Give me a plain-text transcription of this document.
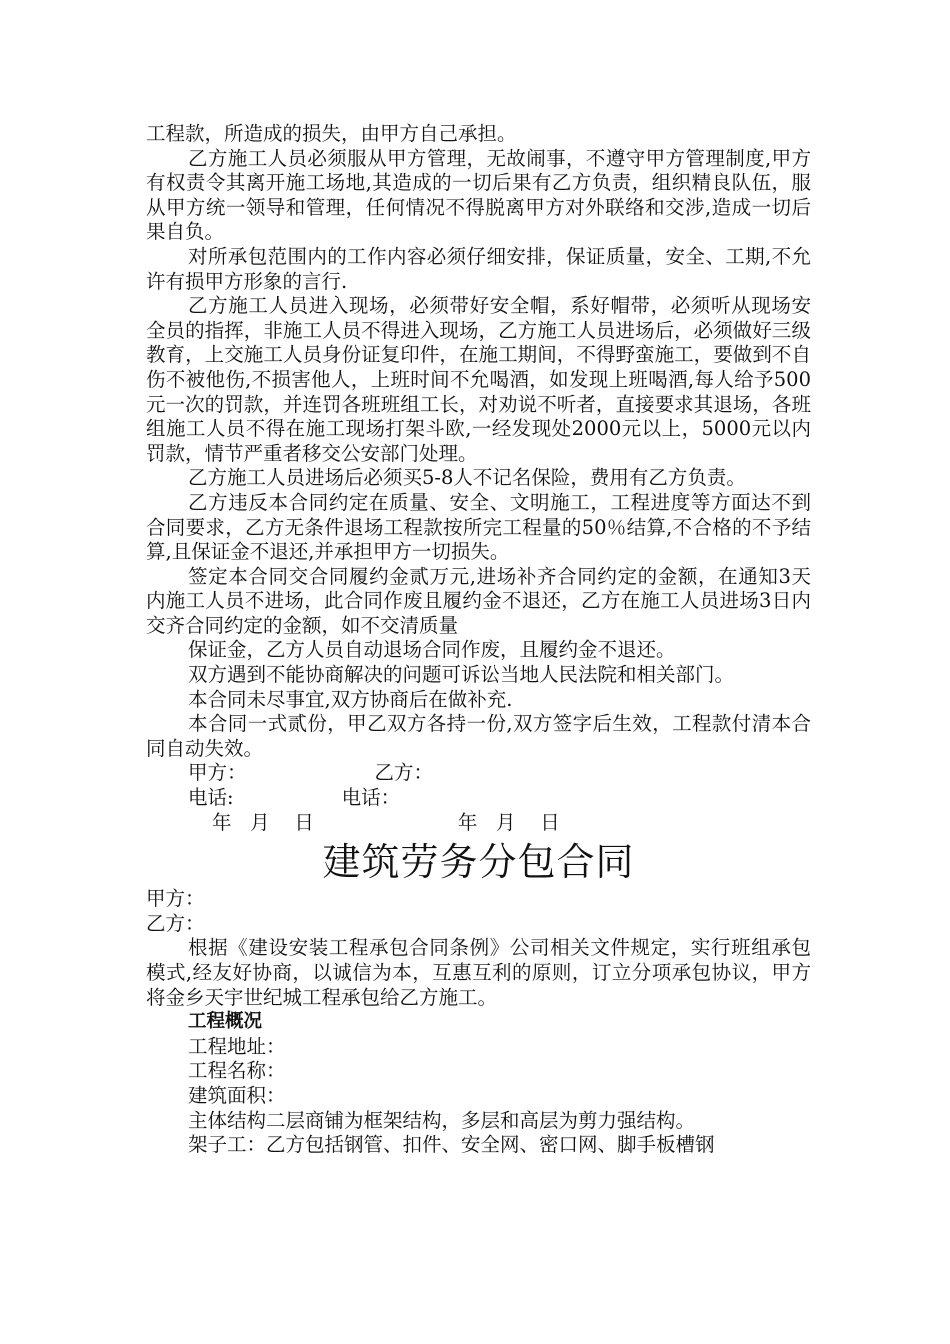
工程款，所造成的损失，由甲方自己承担。

乙方施工人员必须服从甲方管理，无故闹事，不遵守甲方管理制度,甲方有权责令其离开施工场地,其造成的一切后果有乙方负责，组织精良队伍，服从甲方统一领导和管理，任何情况不得脱离甲方对外联络和交涉,造成一切后果自负。

对所承包范围内的工作内容必须仔细安排，保证质量，安全、工期,不允许有损甲方形象的言行.

乙方施工人员进入现场，必须带好安全帽，系好帽带，必须听从现场安全员的指挥，非施工人员不得进入现场，乙方施工人员进场后，必须做好三级教育，上交施工人员身份证复印件，在施工期间，不得野蛮施工，要做到不自伤不被他伤,不损害他人，上班时间不允喝酒，如发现上班喝酒,每人给予500元一次的罚款，并连罚各班班组工长，对劝说不听者，直接要求其退场，各班组施工人员不得在施工现场打架斗欧,一经发现处2000元以上，5000元以内罚款，情节严重者移交公安部门处理。

乙方施工人员进场后必须买5-8人不记名保险，费用有乙方负责。

乙方违反本合同约定在质量、安全、文明施工，工程进度等方面达不到合同要求，乙方无条件退场工程款按所完工程量的50％结算,不合格的不予结算,且保证金不退还,并承担甲方一切损失。

签定本合同交合同履约金贰万元,进场补齐合同约定的金额，在通知3天内施工人员不进场，此合同作废且履约金不退还，乙方在施工人员进场3日内交齐合同约定的金额，如不交清质量

保证金，乙方人员自动退场合同作废，且履约金不退还。

双方遇到不能协商解决的问题可诉讼当地人民法院和相关部门。

本合同未尽事宜,双方协商后在做补充.

本合同一式贰份，甲乙双方各持一份,双方签字后生效，工程款付清本合同自动失效。

甲方：	乙方：
电话:	电话：
年   月    日	年   月    日
建筑劳务分包合同

甲方：

乙方：

根据《建设安装工程承包合同条例》公司相关文件规定，实行班组承包模式,经友好协商，以诚信为本，互惠互利的原则，订立分项承包协议，甲方将金乡天宇世纪城工程承包给乙方施工。

工程概况

工程地址：

工程名称：

建筑面积：

主体结构二层商铺为框架结构，多层和高层为剪力强结构。

架子工：乙方包括钢管、扣件、安全网、密口网、脚手板槽钢
